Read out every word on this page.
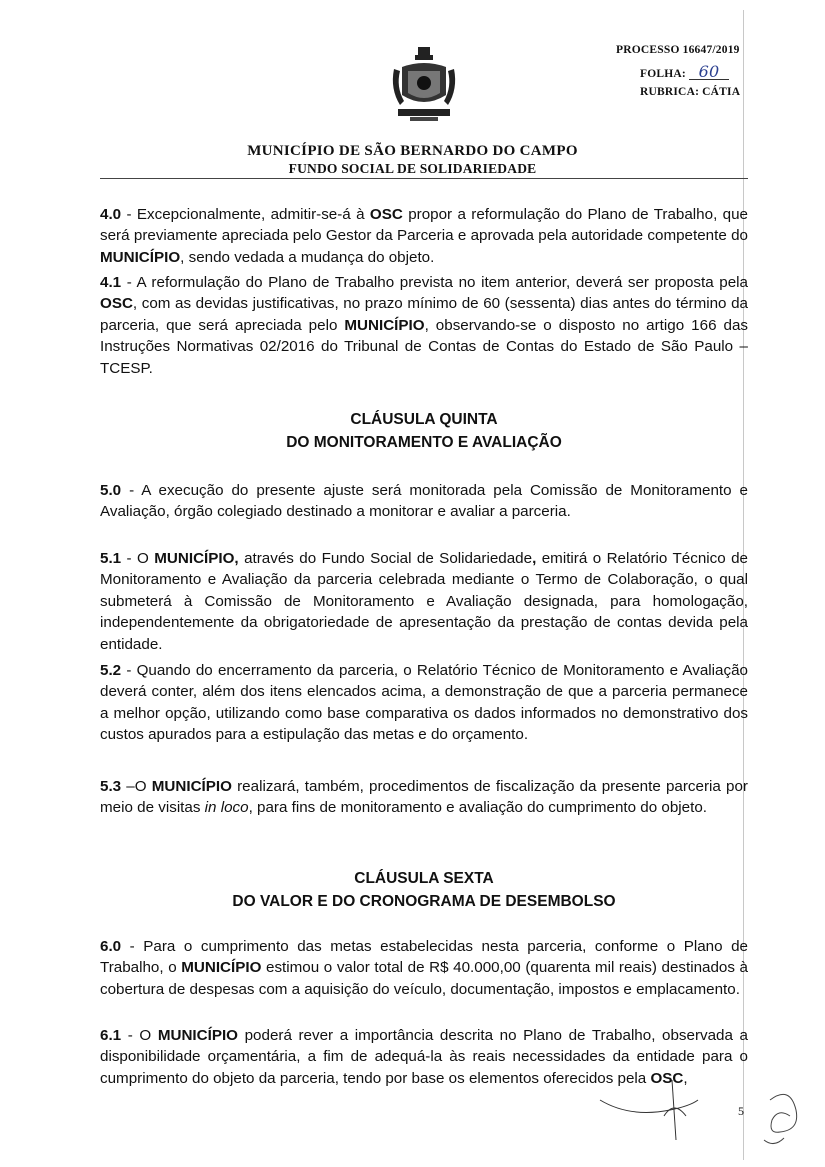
PROCESSO 16647/2019
FOLHA: 60
RUBRICA: CÁTIA
MUNICÍPIO DE SÃO BERNARDO DO CAMPO
FUNDO SOCIAL DE SOLIDARIEDADE
4.0 - Excepcionalmente, admitir-se-á à OSC propor a reformulação do Plano de Trabalho, que será previamente apreciada pelo Gestor da Parceria e aprovada pela autoridade competente do MUNICÍPIO, sendo vedada a mudança do objeto.
4.1 - A reformulação do Plano de Trabalho prevista no item anterior, deverá ser proposta pela OSC, com as devidas justificativas, no prazo mínimo de 60 (sessenta) dias antes do término da parceria, que será apreciada pelo MUNICÍPIO, observando-se o disposto no artigo 166 das Instruções Normativas 02/2016 do Tribunal de Contas de Contas do Estado de São Paulo – TCESP.
CLÁUSULA QUINTA
DO MONITORAMENTO E AVALIAÇÃO
5.0 - A execução do presente ajuste será monitorada pela Comissão de Monitoramento e Avaliação, órgão colegiado destinado a monitorar e avaliar a parceria.
5.1 - O MUNICÍPIO, através do Fundo Social de Solidariedade, emitirá o Relatório Técnico de Monitoramento e Avaliação da parceria celebrada mediante o Termo de Colaboração, o qual submeterá à Comissão de Monitoramento e Avaliação designada, para homologação, independentemente da obrigatoriedade de apresentação da prestação de contas devida pela entidade.
5.2 - Quando do encerramento da parceria, o Relatório Técnico de Monitoramento e Avaliação deverá conter, além dos itens elencados acima, a demonstração de que a parceria permanece a melhor opção, utilizando como base comparativa os dados informados no demonstrativo dos custos apurados para a estipulação das metas e do orçamento.
5.3 –O MUNICÍPIO realizará, também, procedimentos de fiscalização da presente parceria por meio de visitas in loco, para fins de monitoramento e avaliação do cumprimento do objeto.
CLÁUSULA SEXTA
DO VALOR E DO CRONOGRAMA DE DESEMBOLSO
6.0 - Para o cumprimento das metas estabelecidas nesta parceria, conforme o Plano de Trabalho, o MUNICÍPIO estimou o valor total de R$ 40.000,00 (quarenta mil reais) destinados à cobertura de despesas com a aquisição do veículo, documentação, impostos e emplacamento.
6.1 - O MUNICÍPIO poderá rever a importância descrita no Plano de Trabalho, observada a disponibilidade orçamentária, a fim de adequá-la às reais necessidades da entidade para o cumprimento do objeto da parceria, tendo por base os elementos oferecidos pela OSC,
5
